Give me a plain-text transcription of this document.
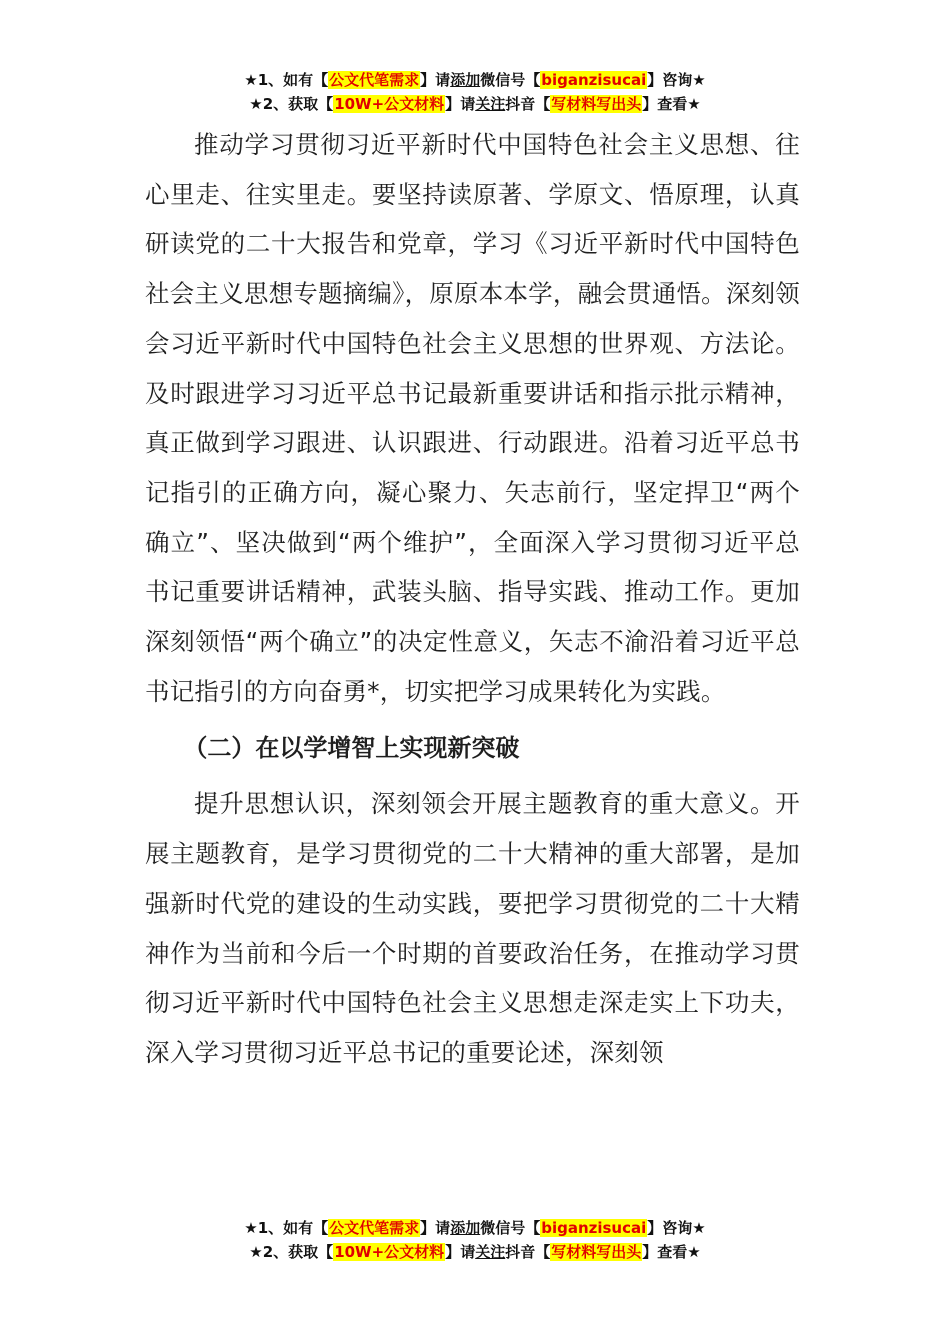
★1、如有【公文代笔需求】请添加微信号【biganzisucai】咨询★
★2、获取【10W+公文材料】请关注抖音【写材料写出头】查看★

推动学习贯彻习近平新时代中国特色社会主义思想、往心里走、往实里走。要坚持读原著、学原文、悟原理，认真研读党的二十大报告和党章，学习《习近平新时代中国特色社会主义思想专题摘编》，原原本本学，融会贯通悟。深刻领会习近平新时代中国特色社会主义思想的世界观、方法论。及时跟进学习习近平总书记最新重要讲话和指示批示精神，真正做到学习跟进、认识跟进、行动跟进。沿着习近平总书记指引的正确方向，凝心聚力、矢志前行，坚定捍卫“两个确立”、坚决做到“两个维护”，全面深入学习贯彻习近平总书记重要讲话精神，武装头脑、指导实践、推动工作。更加深刻领悟“两个确立”的决定性意义，矢志不渝沿着习近平总书记指引的方向奋勇*，切实把学习成果转化为实践。

（二）在以学增智上实现新突破

提升思想认识，深刻领会开展主题教育的重大意义。开展主题教育，是学习贯彻党的二十大精神的重大部署，是加强新时代党的建设的生动实践，要把学习贯彻党的二十大精神作为当前和今后一个时期的首要政治任务，在推动学习贯彻习近平新时代中国特色社会主义思想走深走实上下功夫，深入学习贯彻习近平总书记的重要论述，深刻领

★1、如有【公文代笔需求】请添加微信号【biganzisucai】咨询★
★2、获取【10W+公文材料】请关注抖音【写材料写出头】查看★
